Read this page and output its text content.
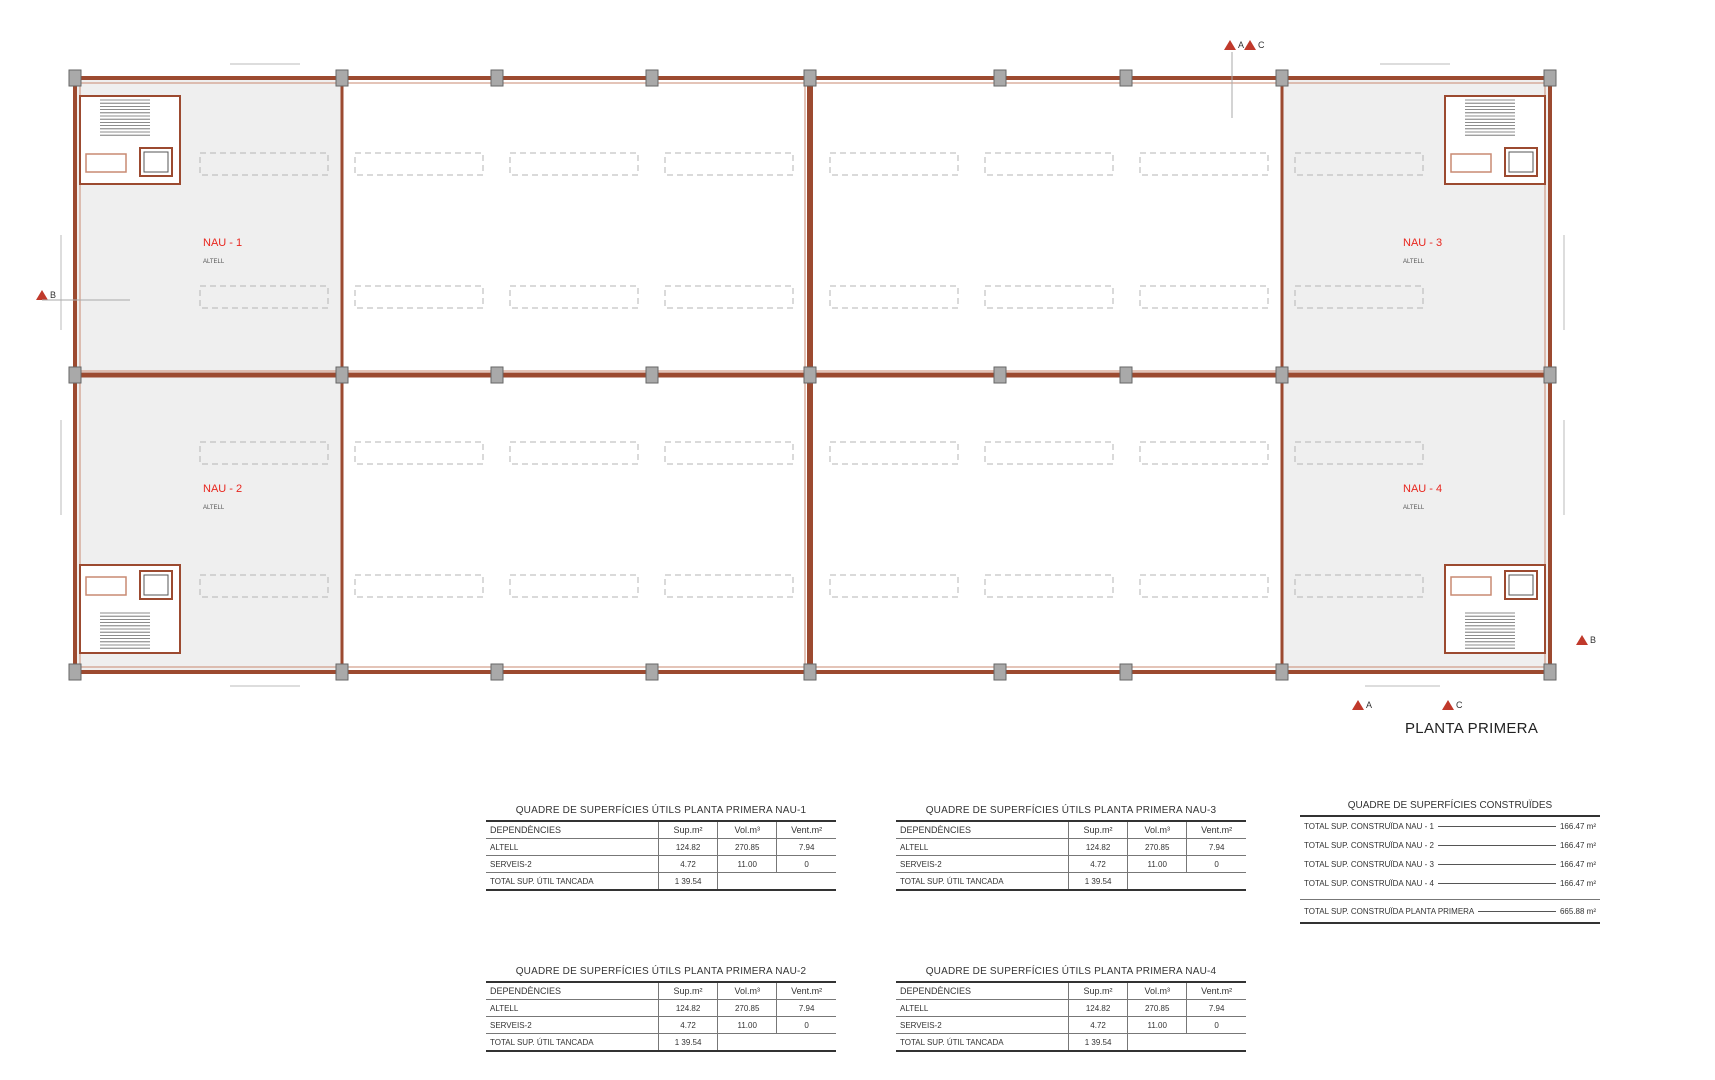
A C
B
B
A	C
NAU - 1
ALTELL
NAU - 2
ALTELL
NAU - 3
ALTELL
NAU - 4
ALTELL
PLANTA PRIMERA
QUADRE DE SUPERFÍCIES ÚTILS PLANTA PRIMERA NAU-1
DEPENDÈNCIES	Sup.m²	Vol.m³	Vent.m²
ALTELL	124.82	270.85	7.94
SERVEIS-2	4.72	11.00	0
TOTAL SUP. ÚTIL TANCADA	1 39.54		
QUADRE DE SUPERFÍCIES ÚTILS PLANTA PRIMERA NAU-3
DEPENDÈNCIES	Sup.m²	Vol.m³	Vent.m²
ALTELL	124.82	270.85	7.94
SERVEIS-2	4.72	11.00	0
TOTAL SUP. ÚTIL TANCADA	1 39.54		
QUADRE DE SUPERFÍCIES ÚTILS PLANTA PRIMERA NAU-2
DEPENDÈNCIES	Sup.m²	Vol.m³	Vent.m²
ALTELL	124.82	270.85	7.94
SERVEIS-2	4.72	11.00	0
TOTAL SUP. ÚTIL TANCADA	1 39.54		
QUADRE DE SUPERFÍCIES ÚTILS PLANTA PRIMERA NAU-4
DEPENDÈNCIES	Sup.m²	Vol.m³	Vent.m²
ALTELL	124.82	270.85	7.94
SERVEIS-2	4.72	11.00	0
TOTAL SUP. ÚTIL TANCADA	1 39.54		
QUADRE DE SUPERFÍCIES CONSTRUÏDES
TOTAL SUP. CONSTRUÏDA NAU - 1	166.47 m²
TOTAL SUP. CONSTRUÏDA NAU - 2	166.47 m²
TOTAL SUP. CONSTRUÏDA NAU - 3	166.47 m²
TOTAL SUP. CONSTRUÏDA NAU - 4	166.47 m²
TOTAL SUP. CONSTRUÏDA PLANTA PRIMERA	665.88 m²
